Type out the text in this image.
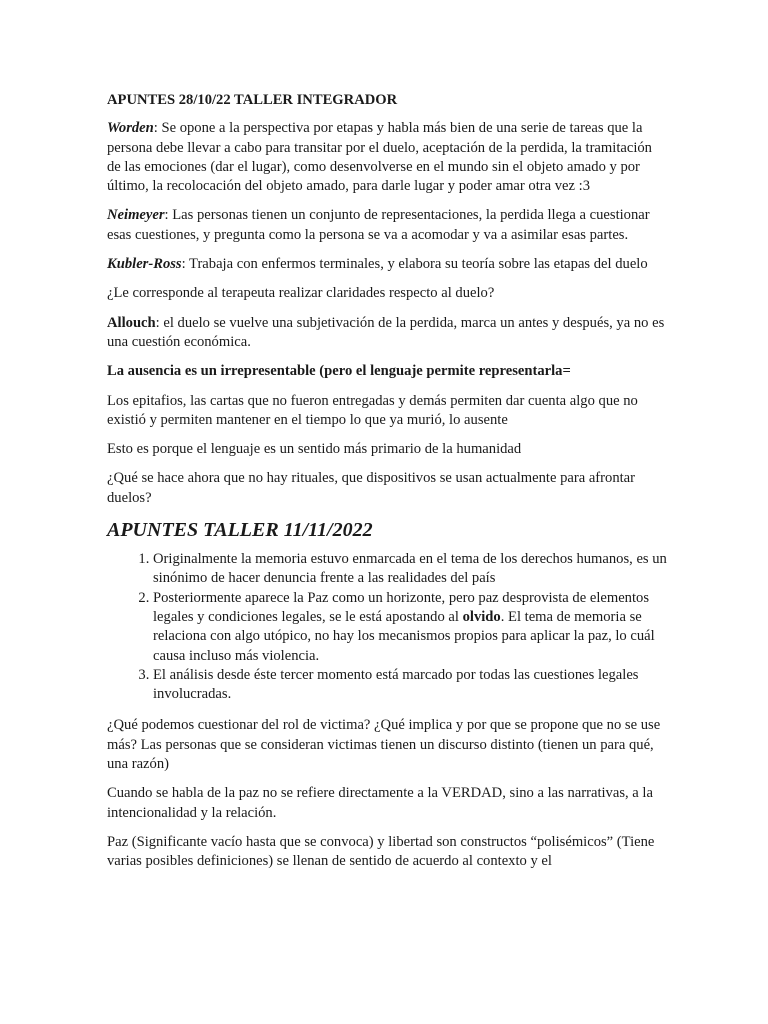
APUNTES 28/10/22 TALLER INTEGRADOR

Worden: Se opone a la perspectiva por etapas y habla más bien de una serie de tareas que la persona debe llevar a cabo para transitar por el duelo, aceptación de la perdida, la tramitación de las emociones (dar el lugar), como desenvolverse en el mundo sin el objeto amado y por último, la recolocación del objeto amado, para darle lugar y poder amar otra vez :3

Neimeyer: Las personas tienen un conjunto de representaciones, la perdida llega a cuestionar esas cuestiones, y pregunta como la persona se va a acomodar y va a asimilar esas partes.

Kubler-Ross: Trabaja con enfermos terminales, y elabora su teoría sobre las etapas del duelo

¿Le corresponde al terapeuta realizar claridades respecto al duelo?

Allouch: el duelo se vuelve una subjetivación de la perdida, marca un antes y después, ya no es una cuestión económica.

La ausencia es un irrepresentable (pero el lenguaje permite representarla=

Los epitafios, las cartas que no fueron entregadas y demás permiten dar cuenta algo que no existió y permiten mantener en el tiempo lo que ya murió, lo ausente

Esto es porque el lenguaje es un sentido más primario de la humanidad

¿Qué se hace ahora que no hay rituales, que dispositivos se usan actualmente para afrontar duelos?

APUNTES TALLER 11/11/2022

1. Originalmente la memoria estuvo enmarcada en el tema de los derechos humanos, es un sinónimo de hacer denuncia frente a las realidades del país
2. Posteriormente aparece la Paz como un horizonte, pero paz desprovista de elementos legales y condiciones legales, se le está apostando al olvido. El tema de memoria se relaciona con algo utópico, no hay los mecanismos propios para aplicar la paz, lo cuál causa incluso más violencia.
3. El análisis desde éste tercer momento está marcado por todas las cuestiones legales involucradas.

¿Qué podemos cuestionar del rol de victima? ¿Qué implica y por que se propone que no se use más? Las personas que se consideran victimas tienen un discurso distinto (tienen un para qué, una razón)

Cuando se habla de la paz no se refiere directamente a la VERDAD, sino a las narrativas, a la intencionalidad y la relación.

Paz (Significante vacío hasta que se convoca) y libertad son constructos “polisémicos” (Tiene varias posibles definiciones) se llenan de sentido de acuerdo al contexto y el
